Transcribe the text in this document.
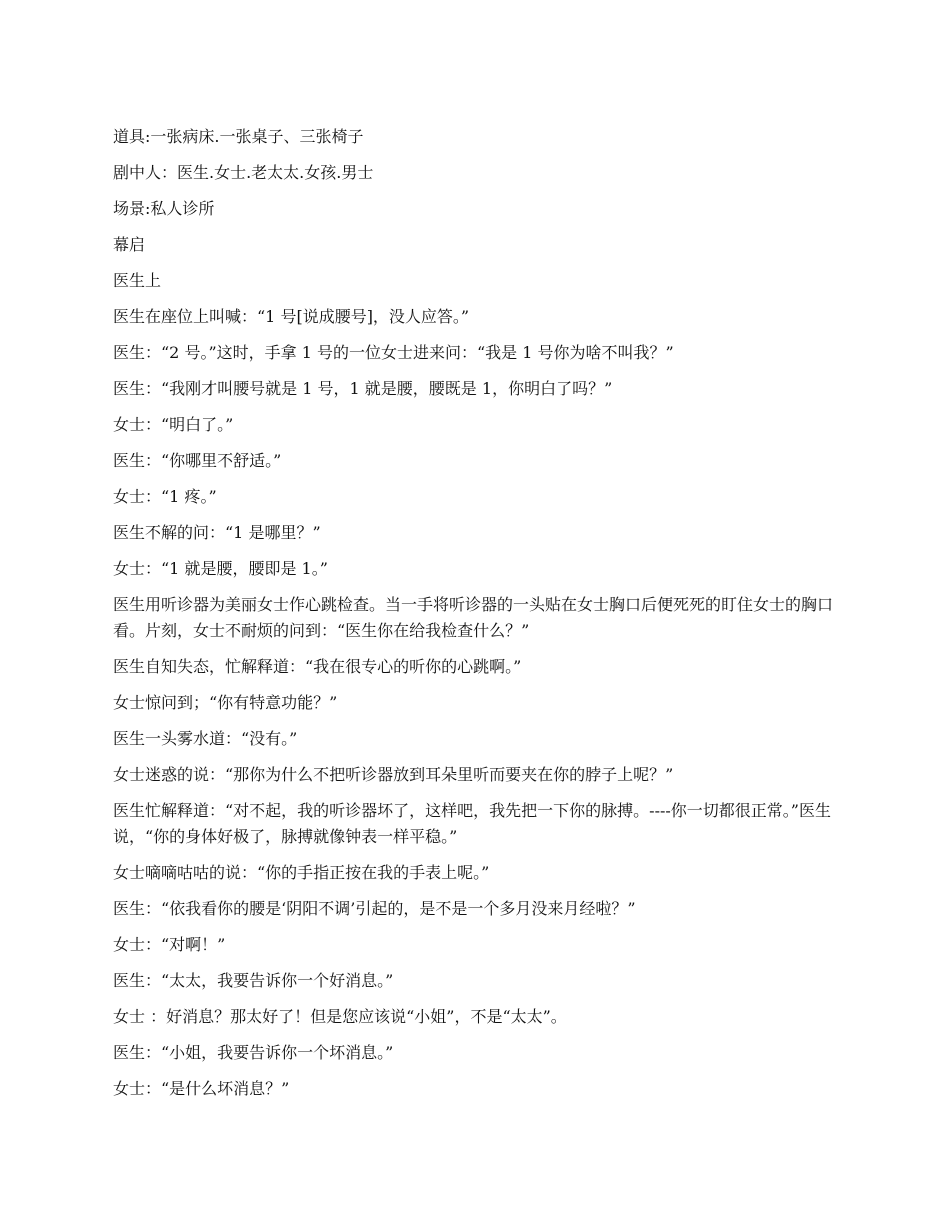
道具:一张病床.一张桌子、三张椅子

剧中人：医生.女士.老太太.女孩.男士

场景:私人诊所

幕启

医生上

医生在座位上叫喊：“1 号[说成腰号]，没人应答。”

医生：“2 号。”这时，手拿 1 号的一位女士进来问：“我是 1 号你为啥不叫我？”

医生：“我刚才叫腰号就是 1 号，1 就是腰，腰既是 1，你明白了吗？”

女士：“明白了。”

医生：“你哪里不舒适。”

女士：“1 疼。”

医生不解的问：“1 是哪里？”

女士：“1 就是腰，腰即是 1。”

医生用听诊器为美丽女士作心跳检查。当一手将听诊器的一头贴在女士胸口后便死死的盯住女士的胸口看。片刻，女士不耐烦的问到：“医生你在给我检查什么？”

医生自知失态，忙解释道：“我在很专心的听你的心跳啊。”

女士惊问到；“你有特意功能？”

医生一头雾水道：“没有。”

女士迷惑的说：“那你为什么不把听诊器放到耳朵里听而要夹在你的脖子上呢？”

医生忙解释道：“对不起，我的听诊器坏了，这样吧，我先把一下你的脉搏。----你一切都很正常。”医生说，“你的身体好极了，脉搏就像钟表一样平稳。”

女士嘀嘀咕咕的说：“你的手指正按在我的手表上呢。”

医生：“依我看你的腰是‘阴阳不调’引起的，是不是一个多月没来月经啦？”

女士：“对啊！”

医生：“太太，我要告诉你一个好消息。”

女士 ：好消息？那太好了！但是您应该说“小姐”，不是“太太”。

医生：“小姐，我要告诉你一个坏消息。”

女士：“是什么坏消息？”
